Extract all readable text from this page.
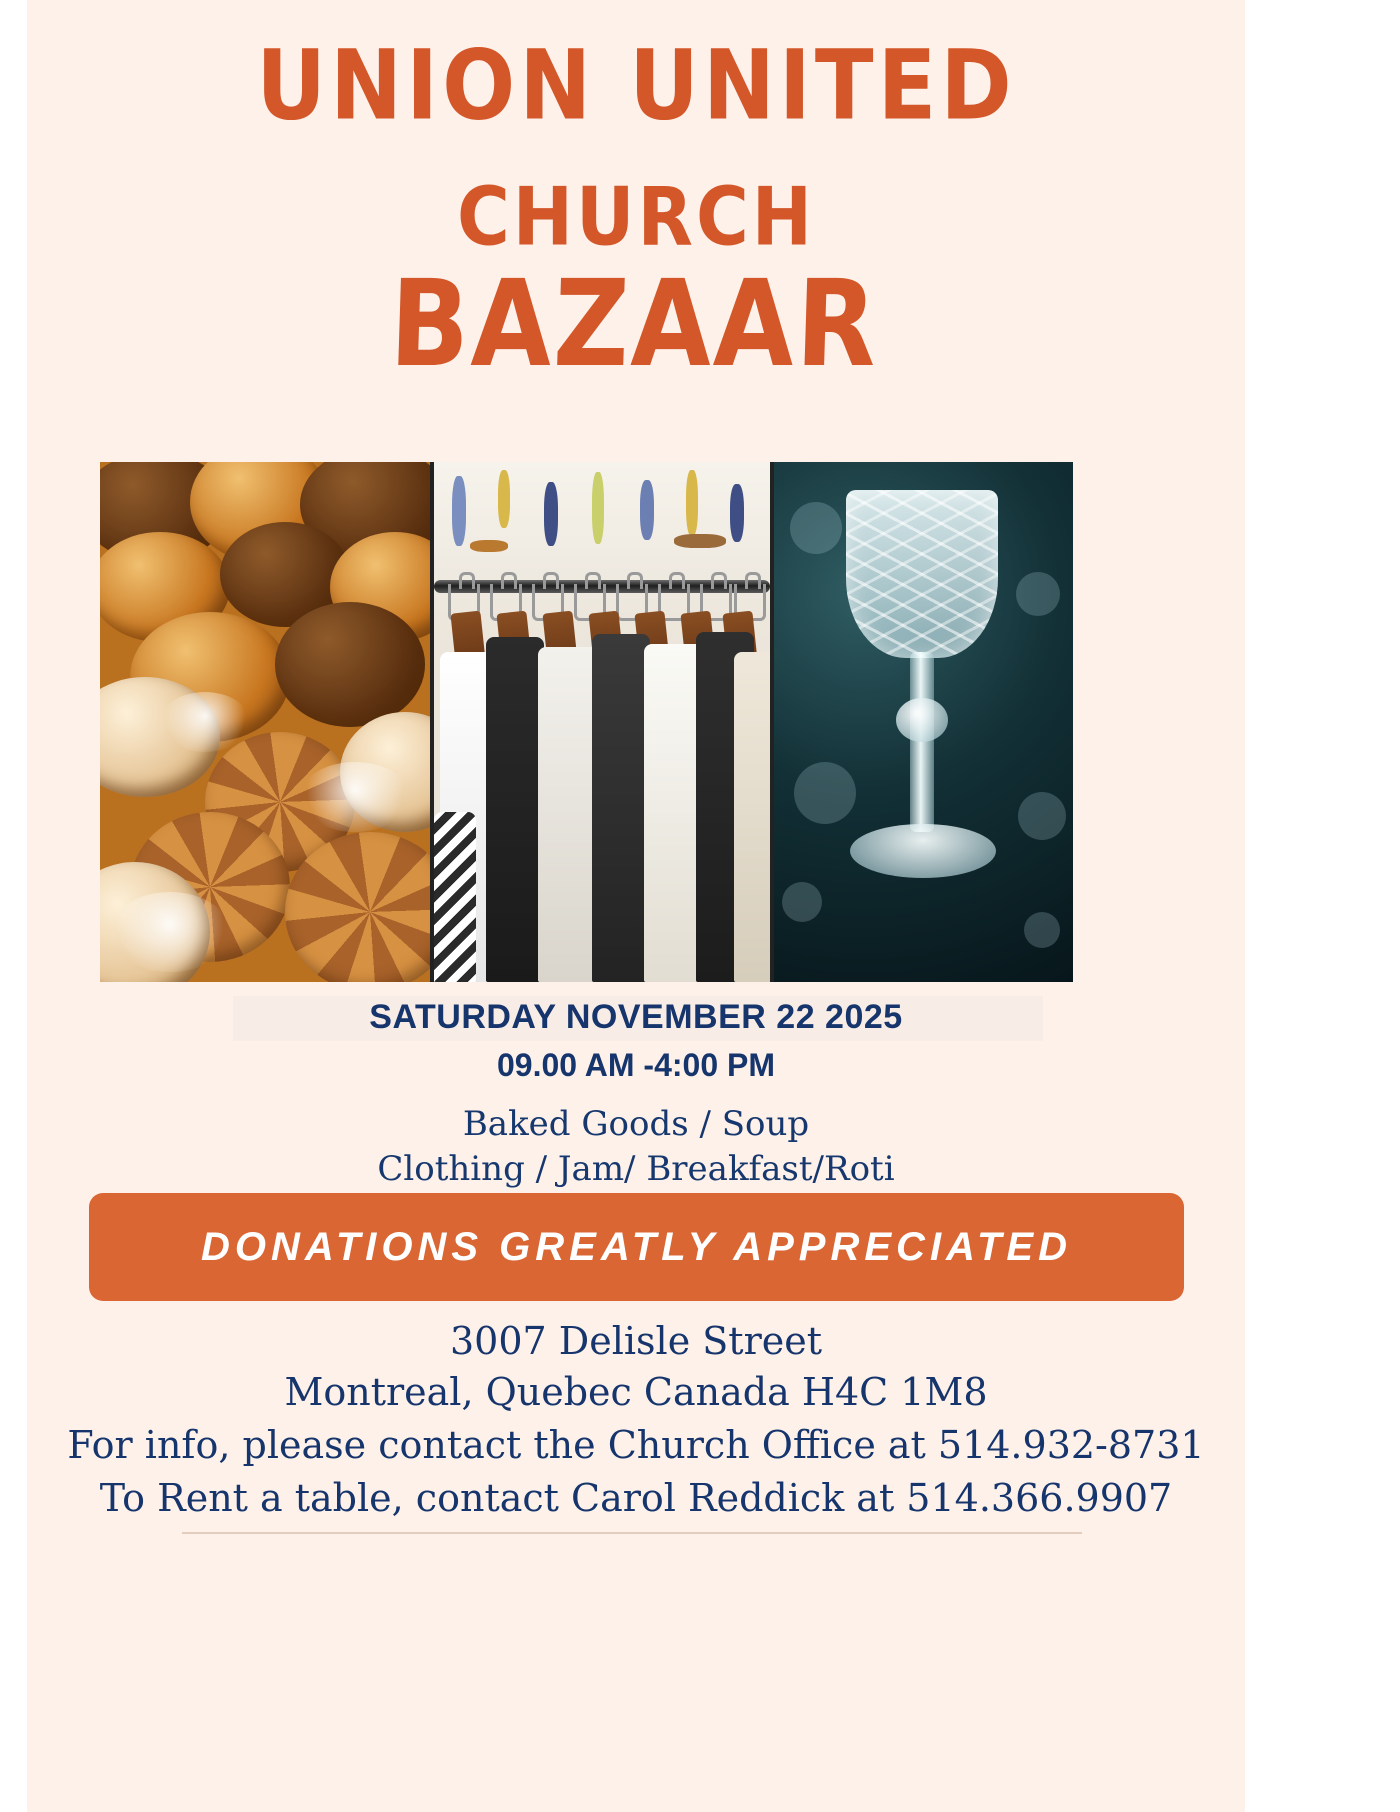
UNION UNITED
CHURCH
BAZAAR
SATURDAY NOVEMBER 22 2025
09.00 AM -4:00 PM
Baked Goods / Soup
Clothing / Jam/ Breakfast/Roti
DONATIONS GREATLY APPRECIATED
3007 Delisle Street
Montreal, Quebec Canada H4C 1M8
For info, please contact the Church Office at 514.932-8731
To Rent a table, contact Carol Reddick at 514.366.9907
